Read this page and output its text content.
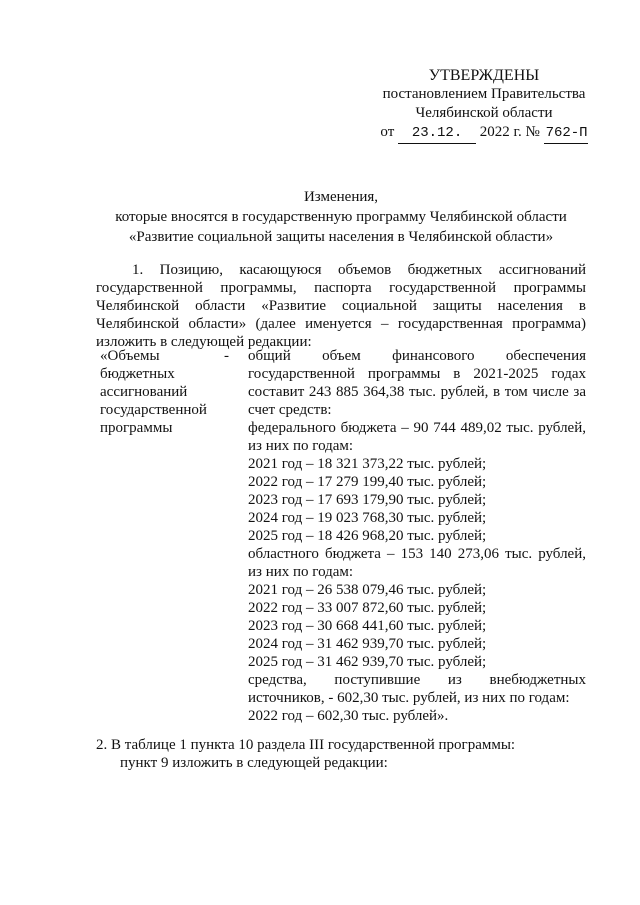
УТВЕРЖДЕНЫ
постановлением Правительства
Челябинской области
от 23.12. 2022 г. № 762-П
Изменения,
которые вносятся в государственную программу Челябинской области
«Развитие социальной защиты населения в Челябинской области»
1. Позицию, касающуюся объемов бюджетных ассигнований государственной программы, паспорта государственной программы Челябинской области «Развитие социальной защиты населения в Челябинской области» (далее именуется – государственная программа) изложить в следующей редакции:
«Объемы
бюджетных
ассигнований
государственной
программы
- общий объем финансового обеспечения государственной программы в 2021-2025 годах составит 243 885 364,38 тыс. рублей, в том числе за счет средств:

федерального бюджета – 90 744 489,02 тыс. рублей, из них по годам:

2021 год – 18 321 373,22 тыс. рублей;

2022 год – 17 279 199,40 тыс. рублей;

2023 год – 17 693 179,90 тыс. рублей;

2024 год – 19 023 768,30 тыс. рублей;

2025 год – 18 426 968,20 тыс. рублей;

областного бюджета – 153 140 273,06 тыс. рублей, из них по годам:

2021 год – 26 538 079,46 тыс. рублей;

2022 год – 33 007 872,60 тыс. рублей;

2023 год – 30 668 441,60 тыс. рублей;

2024 год – 31 462 939,70 тыс. рублей;

2025 год – 31 462 939,70 тыс. рублей;

средства, поступившие из внебюджетных источников, - 602,30 тыс. рублей, из них по годам:

2022 год – 602,30 тыс. рублей».

2. В таблице 1 пункта 10 раздела III государственной программы:
пункт 9 изложить в следующей редакции:
